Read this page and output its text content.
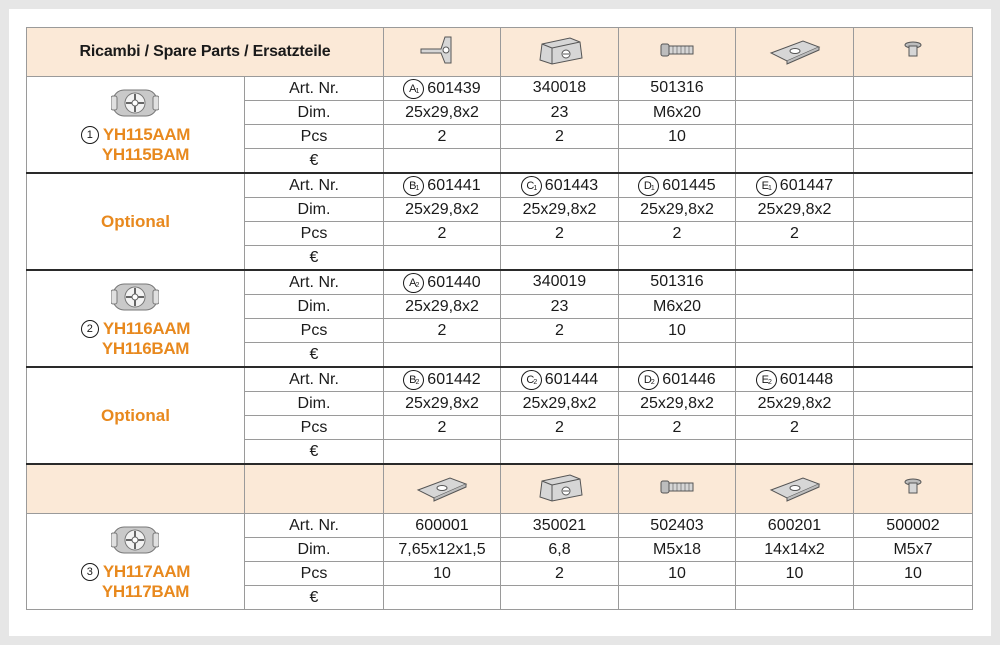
Ricambi / Spare Parts / Ersatzteile					

1 YH115AAM
YH115BAM	Art. Nr.	$A_1$ 601439	340018	501316		
	Dim.	25x29,8x2	23	M6x20		
	Pcs	2	2	10		
	€					
Optional	Art. Nr.	$B_1$ 601441	$C_1$ 601443	$D_1$ 601445	$E_1$ 601447	
	Dim.	25x29,8x2	25x29,8x2	25x29,8x2	25x29,8x2	
	Pcs	2	2	2	2	
	€					

2 YH116AAM
YH116BAM	Art. Nr.	$A_2$ 601440	340019	501316		
	Dim.	25x29,8x2	23	M6x20		
	Pcs	2	2	10		
	€					
Optional	Art. Nr.	$B_2$ 601442	$C_2$ 601444	$D_2$ 601446	$E_2$ 601448	
	Dim.	25x29,8x2	25x29,8x2	25x29,8x2	25x29,8x2	
	Pcs	2	2	2	2	
	€					

3 YH117AAM
YH117BAM	Art. Nr.	600001	350021	502403	600201	500002
	Dim.	7,65x12x1,5	6,8	M5x18	14x14x2	M5x7
	Pcs	10	2	10	10	10
	€					
